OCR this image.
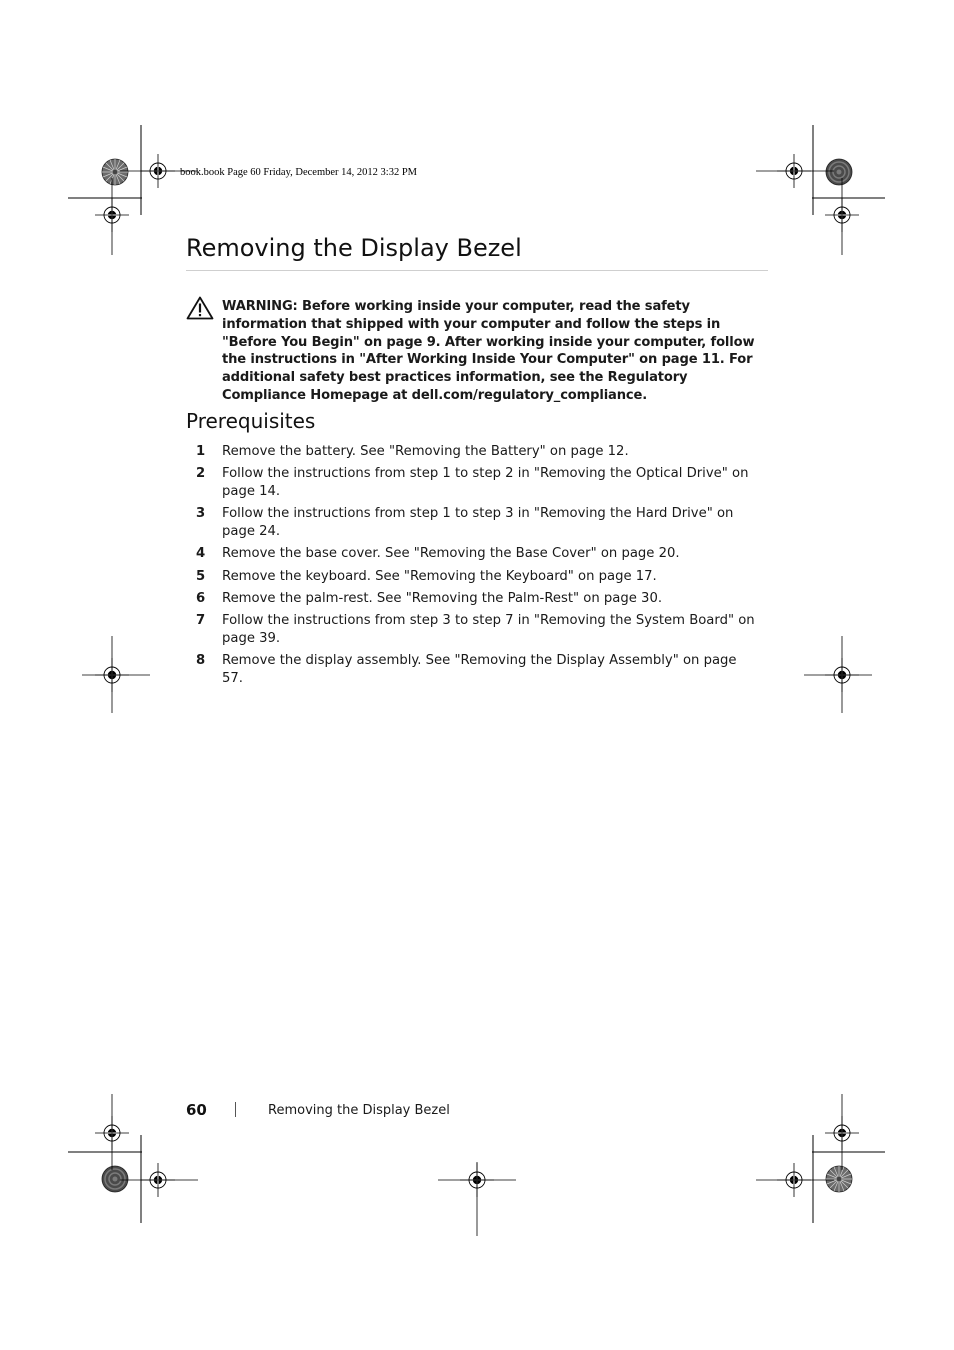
book.book Page 60 Friday, December 14, 2012 3:32 PM
Removing the Display Bezel

WARNING: Before working inside your computer, read the safety information that shipped with your computer and follow the steps in "Before You Begin" on page 9. After working inside your computer, follow the instructions in "After Working Inside Your Computer" on page 11. For additional safety best practices information, see the Regulatory Compliance Homepage at dell.com/regulatory_compliance.

Prerequisites
1 Remove the battery. See "Removing the Battery" on page 12.
2 Follow the instructions from step 1 to step 2 in "Removing the Optical Drive" on page 14.
3 Follow the instructions from step 1 to step 3 in "Removing the Hard Drive" on page 24.
4 Remove the base cover. See "Removing the Base Cover" on page 20.
5 Remove the keyboard. See "Removing the Keyboard" on page 17.
6 Remove the palm-rest. See "Removing the Palm-Rest" on page 30.
7 Follow the instructions from step 3 to step 7 in "Removing the System Board" on page 39.
8 Remove the display assembly. See "Removing the Display Assembly" on page 57.
60	Removing the Display Bezel
